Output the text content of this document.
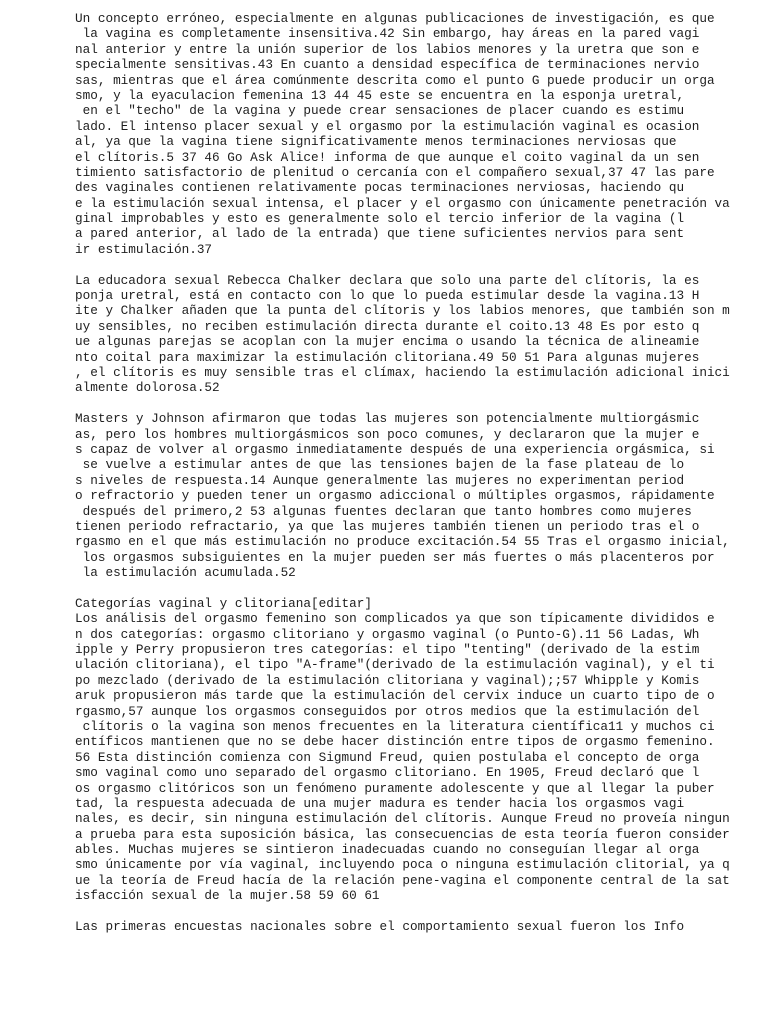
Un concepto erróneo, especialmente en algunas publicaciones de investigación, es que
la vagina es completamente insensitiva.42 Sin embargo, hay áreas en la pared vagi
nal anterior y entre la unión superior de los labios menores y la uretra que son e
specialmente sensitivas.43 En cuanto a densidad específica de terminaciones nervio
sas, mientras que el área comúnmente descrita como el punto G puede producir un orga
smo, y la eyaculacion femenina 13 44 45 este se encuentra en la esponja uretral,
en el "techo" de la vagina y puede crear sensaciones de placer cuando es estimu
lado. El intenso placer sexual y el orgasmo por la estimulación vaginal es ocasion
al, ya que la vagina tiene significativamente menos terminaciones nerviosas que
el clítoris.5 37 46 Go Ask Alice! informa de que aunque el coito vaginal da un sen
timiento satisfactorio de plenitud o cercanía con el compañero sexual,37 47 las pare
des vaginales contienen relativamente pocas terminaciones nerviosas, haciendo qu
e la estimulación sexual intensa, el placer y el orgasmo con únicamente penetración va
ginal improbables y esto es generalmente solo el tercio inferior de la vagina (l
a pared anterior, al lado de la entrada) que tiene suficientes nervios para sent
ir estimulación.37
La educadora sexual Rebecca Chalker declara que solo una parte del clítoris, la es
ponja uretral, está en contacto con lo que lo pueda estimular desde la vagina.13 H
ite y Chalker añaden que la punta del clítoris y los labios menores, que también son m
uy sensibles, no reciben estimulación directa durante el coito.13 48 Es por esto q
ue algunas parejas se acoplan con la mujer encima o usando la técnica de alineamie
nto coital para maximizar la estimulación clitoriana.49 50 51 Para algunas mujeres
, el clítoris es muy sensible tras el clímax, haciendo la estimulación adicional inici
almente dolorosa.52
Masters y Johnson afirmaron que todas las mujeres son potencialmente multiorgásmic
as, pero los hombres multiorgásmicos son poco comunes, y declararon que la mujer e
s capaz de volver al orgasmo inmediatamente después de una experiencia orgásmica, si
se vuelve a estimular antes de que las tensiones bajen de la fase plateau de lo
s niveles de respuesta.14 Aunque generalmente las mujeres no experimentan period
o refractorio y pueden tener un orgasmo adiccional o múltiples orgasmos, rápidamente
después del primero,2 53 algunas fuentes declaran que tanto hombres como mujeres
tienen periodo refractario, ya que las mujeres también tienen un periodo tras el o
rgasmo en el que más estimulación no produce excitación.54 55 Tras el orgasmo inicial,
los orgasmos subsiguientes en la mujer pueden ser más fuertes o más placenteros por
la estimulación acumulada.52
Categorías vaginal y clitoriana[editar]
Los análisis del orgasmo femenino son complicados ya que son típicamente divididos e
n dos categorías: orgasmo clitoriano y orgasmo vaginal (o Punto-G).11 56 Ladas, Wh
ipple y Perry propusieron tres categorías: el tipo "tenting" (derivado de la estim
ulación clitoriana), el tipo "A-frame"(derivado de la estimulación vaginal), y el ti
po mezclado (derivado de la estimulación clitoriana y vaginal);;57 Whipple y Komis
aruk propusieron más tarde que la estimulación del cervix induce un cuarto tipo de o
rgasmo,57 aunque los orgasmos conseguidos por otros medios que la estimulación del
clítoris o la vagina son menos frecuentes en la literatura científica11 y muchos ci
entíficos mantienen que no se debe hacer distinción entre tipos de orgasmo femenino.
56 Esta distinción comienza con Sigmund Freud, quien postulaba el concepto de orga
smo vaginal como uno separado del orgasmo clitoriano. En 1905, Freud declaró que l
os orgasmo clitóricos son un fenómeno puramente adolescente y que al llegar la puber
tad, la respuesta adecuada de una mujer madura es tender hacia los orgasmos vagi
nales, es decir, sin ninguna estimulación del clítoris. Aunque Freud no proveía ningun
a prueba para esta suposición básica, las consecuencias de esta teoría fueron consider
ables. Muchas mujeres se sintieron inadecuadas cuando no conseguían llegar al orga
smo únicamente por vía vaginal, incluyendo poca o ninguna estimulación clitorial, ya q
ue la teoría de Freud hacía de la relación pene-vagina el componente central de la sat
isfacción sexual de la mujer.58 59 60 61
Las primeras encuestas nacionales sobre el comportamiento sexual fueron los Info
